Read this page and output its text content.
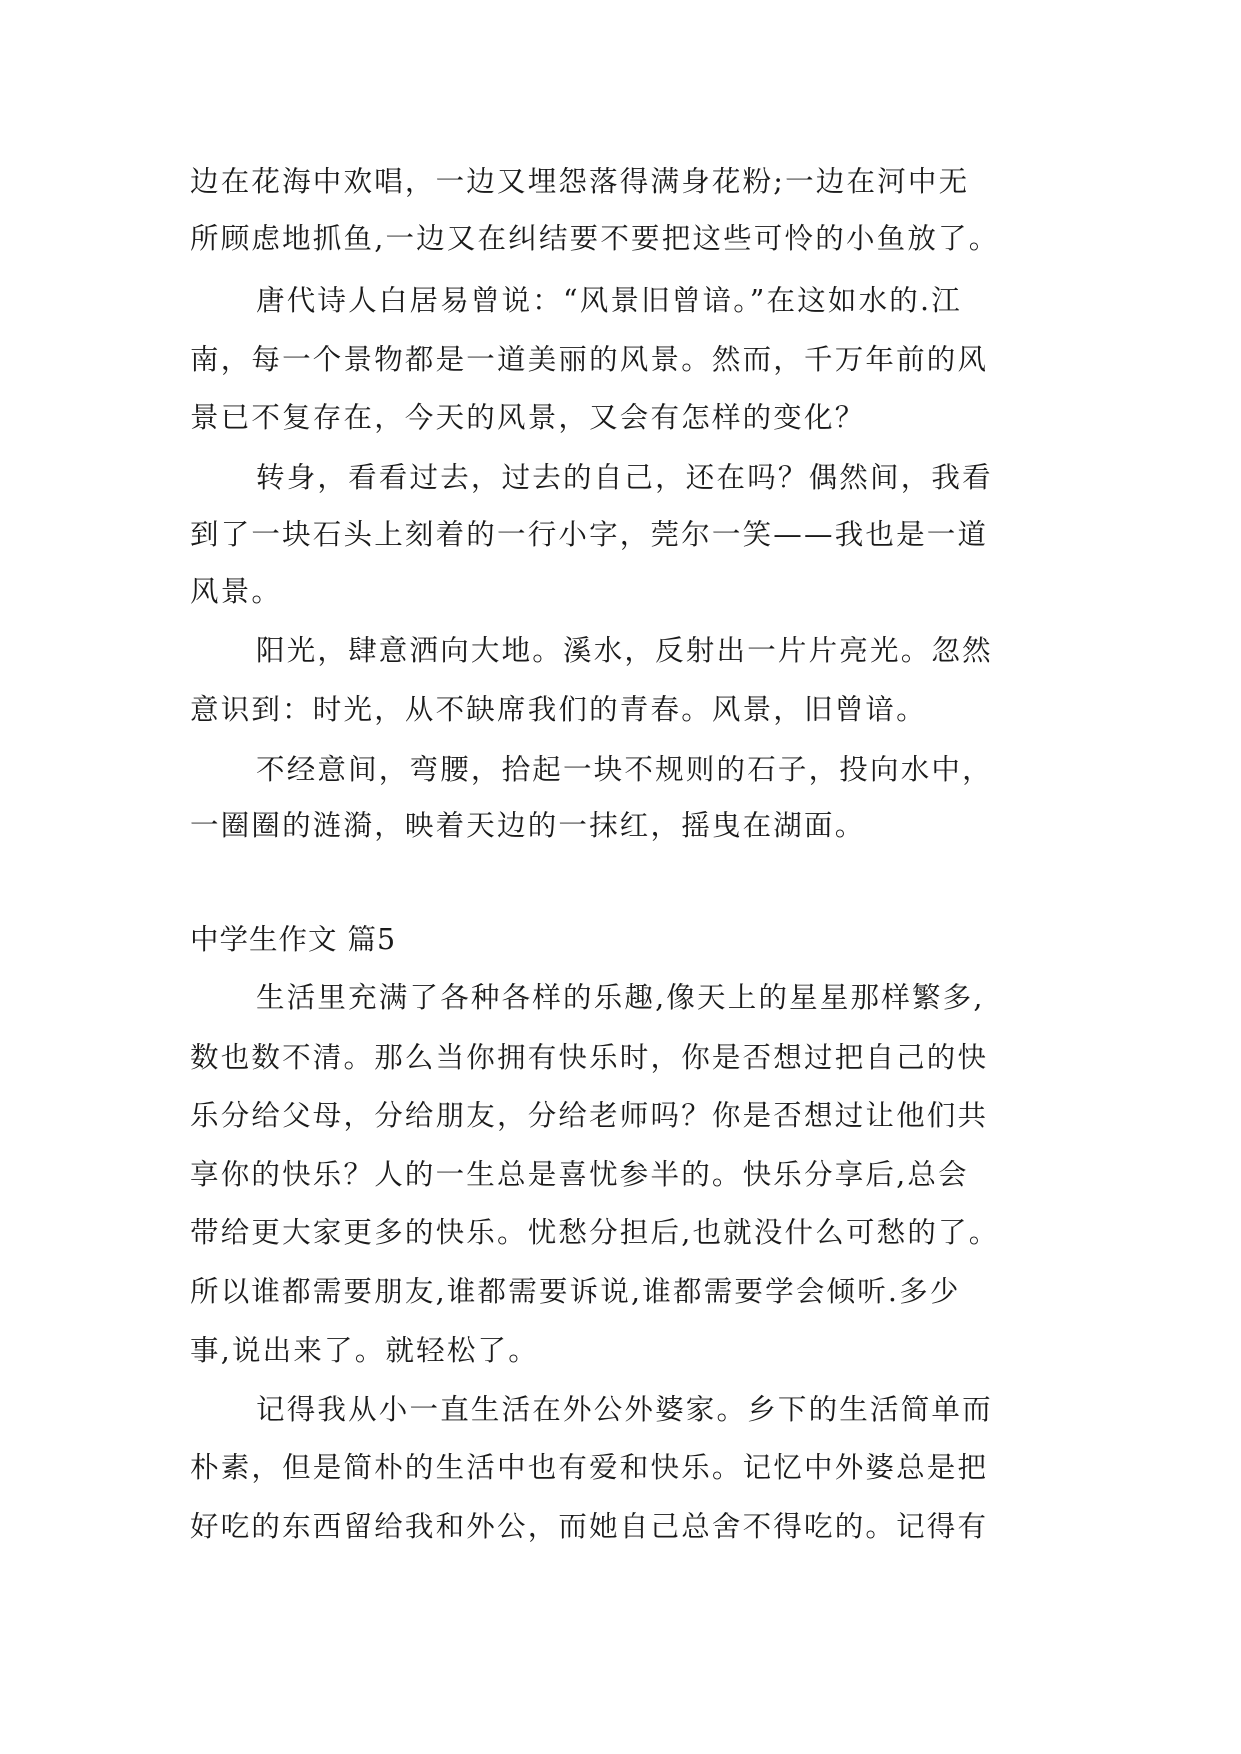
边在花海中欢唱，一边又埋怨落得满身花粉;一边在河中无
所顾虑地抓鱼,一边又在纠结要不要把这些可怜的小鱼放了。
唐代诗人白居易曾说：“风景旧曾谙。”在这如水的.江
南，每一个景物都是一道美丽的风景。然而，千万年前的风
景已不复存在，今天的风景，又会有怎样的变化？
转身，看看过去，过去的自己，还在吗？偶然间，我看
到了一块石头上刻着的一行小字，莞尔一笑——我也是一道
风景。
阳光，肆意洒向大地。溪水，反射出一片片亮光。忽然
意识到：时光，从不缺席我们的青春。风景，旧曾谙。
不经意间，弯腰，拾起一块不规则的石子，投向水中，
一圈圈的涟漪，映着天边的一抹红，摇曳在湖面。
中学生作文 篇5
生活里充满了各种各样的乐趣,像天上的星星那样繁多,
数也数不清。那么当你拥有快乐时，你是否想过把自己的快
乐分给父母，分给朋友，分给老师吗？你是否想过让他们共
享你的快乐？人的一生总是喜忧参半的。快乐分享后,总会
带给更大家更多的快乐。忧愁分担后,也就没什么可愁的了。
所以谁都需要朋友,谁都需要诉说,谁都需要学会倾听.多少
事,说出来了。就轻松了。
记得我从小一直生活在外公外婆家。乡下的生活简单而
朴素，但是简朴的生活中也有爱和快乐。记忆中外婆总是把
好吃的东西留给我和外公，而她自己总舍不得吃的。记得有
